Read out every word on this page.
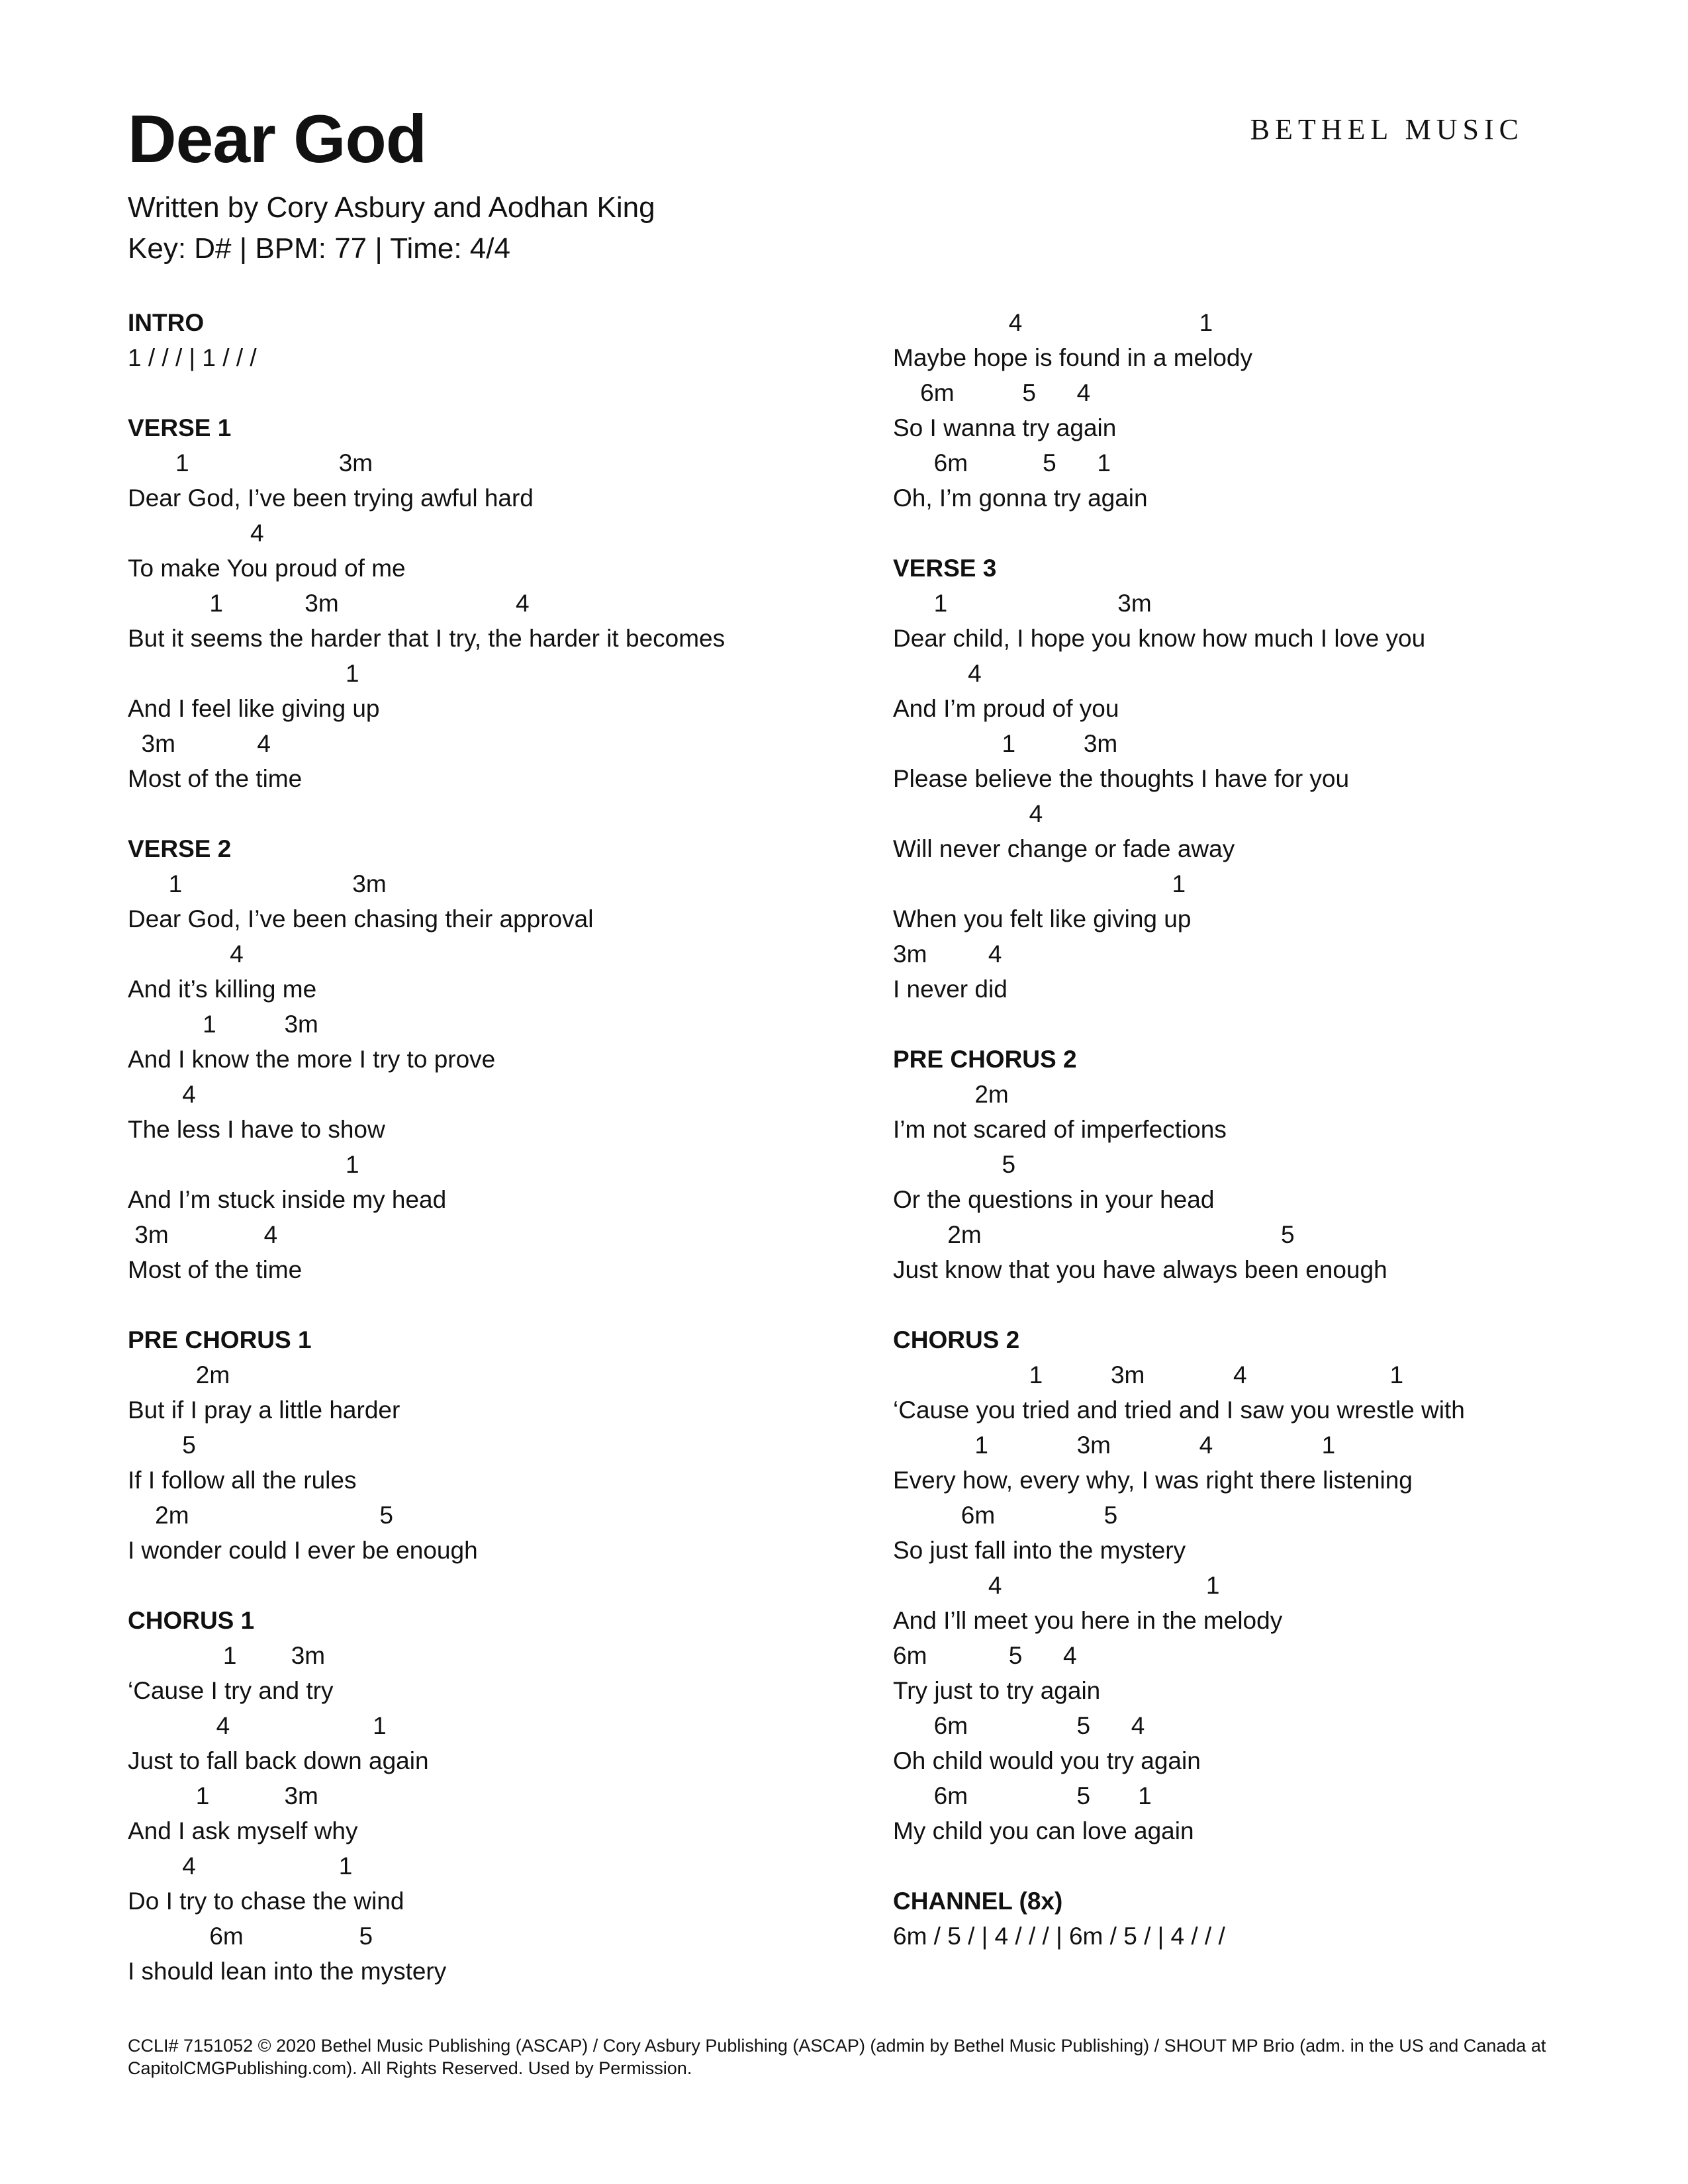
Dear God	BETHEL MUSIC
Written by Cory Asbury and Aodhan King
Key: D# | BPM: 77 | Time: 4/4
INTRO
1 / / / | 1 / / /
VERSE 1
1                      3m
Dear God, I’ve been trying awful hard
4
To make You proud of me
1            3m                          4
But it seems the harder that I try, the harder it becomes
1
And I feel like giving up
3m            4
Most of the time
VERSE 2
1                         3m
Dear God, I’ve been chasing their approval
4
And it’s killing me
1          3m
And I know the more I try to prove
4
The less I have to show
1
And I’m stuck inside my head
3m              4
Most of the time
PRE CHORUS 1
2m
But if I pray a little harder
5
If I follow all the rules
2m                            5
I wonder could I ever be enough
CHORUS 1
1        3m
‘Cause I try and try
4                     1
Just to fall back down again
1           3m
And I ask myself why
4                     1
Do I try to chase the wind
6m                 5
I should lean into the mystery
4                          1
Maybe hope is found in a melody
6m          5      4
So I wanna try again
6m           5      1
Oh, I’m gonna try again
VERSE 3
1                         3m
Dear child, I hope you know how much I love you
4
And I’m proud of you
1          3m
Please believe the thoughts I have for you
4
Will never change or fade away
1
When you felt like giving up
3m         4
I never did
PRE CHORUS 2
2m
I’m not scared of imperfections
5
Or the questions in your head
2m                                            5
Just know that you have always been enough
CHORUS 2
1          3m             4                     1
‘Cause you tried and tried and I saw you wrestle with
1             3m             4                1
Every how, every why, I was right there listening
6m                5
So just fall into the mystery
4                              1
And I’ll meet you here in the melody
6m            5      4
Try just to try again
6m                5      4
Oh child would you try again
6m                5       1
My child you can love again
CHANNEL (8x)
6m / 5 / | 4 / / / | 6m / 5 / | 4 / / /
CCLI# 7151052 © 2020 Bethel Music Publishing (ASCAP) / Cory Asbury Publishing (ASCAP) (admin by Bethel Music Publishing) / SHOUT MP Brio (adm. in the US and Canada at CapitolCMGPublishing.com). All Rights Reserved. Used by Permission.
